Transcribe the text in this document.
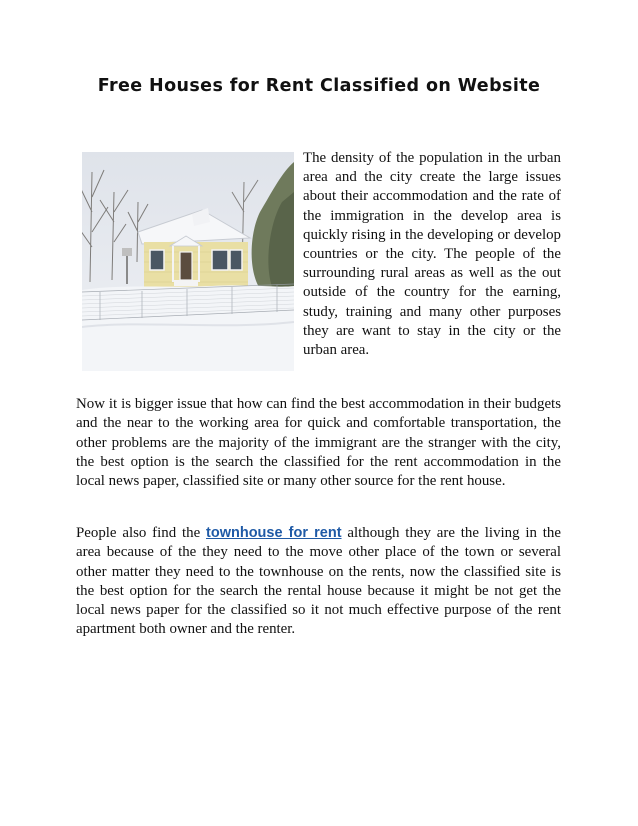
Free Houses for Rent Classified on Website

The density of the population in the urban area and the city create the large issues about their accommodation and the rate of the immigration in the develop area is quickly rising in the developing or develop countries or the city. The people of the surrounding rural areas as well as the out outside of the country for the earning, study, training and many other purposes they are want to stay in the city or the urban area.

Now it is bigger issue that how can find the best accommodation in their budgets and the near to the working area for quick and comfortable transportation, the other problems are the majority of the immigrant are the stranger with the city, the best option is the search the classified for the rent accommodation in the local news paper, classified site or many other source for the rent house.

People also find the townhouse for rent although they are the living in the area because of the they need to the move other place of the town or several other matter they need to the townhouse on the rents, now the classified site is the best option for the search the rental house because it might be not get the local news paper for the classified so it not much effective purpose of the rent apartment both owner and the renter.
